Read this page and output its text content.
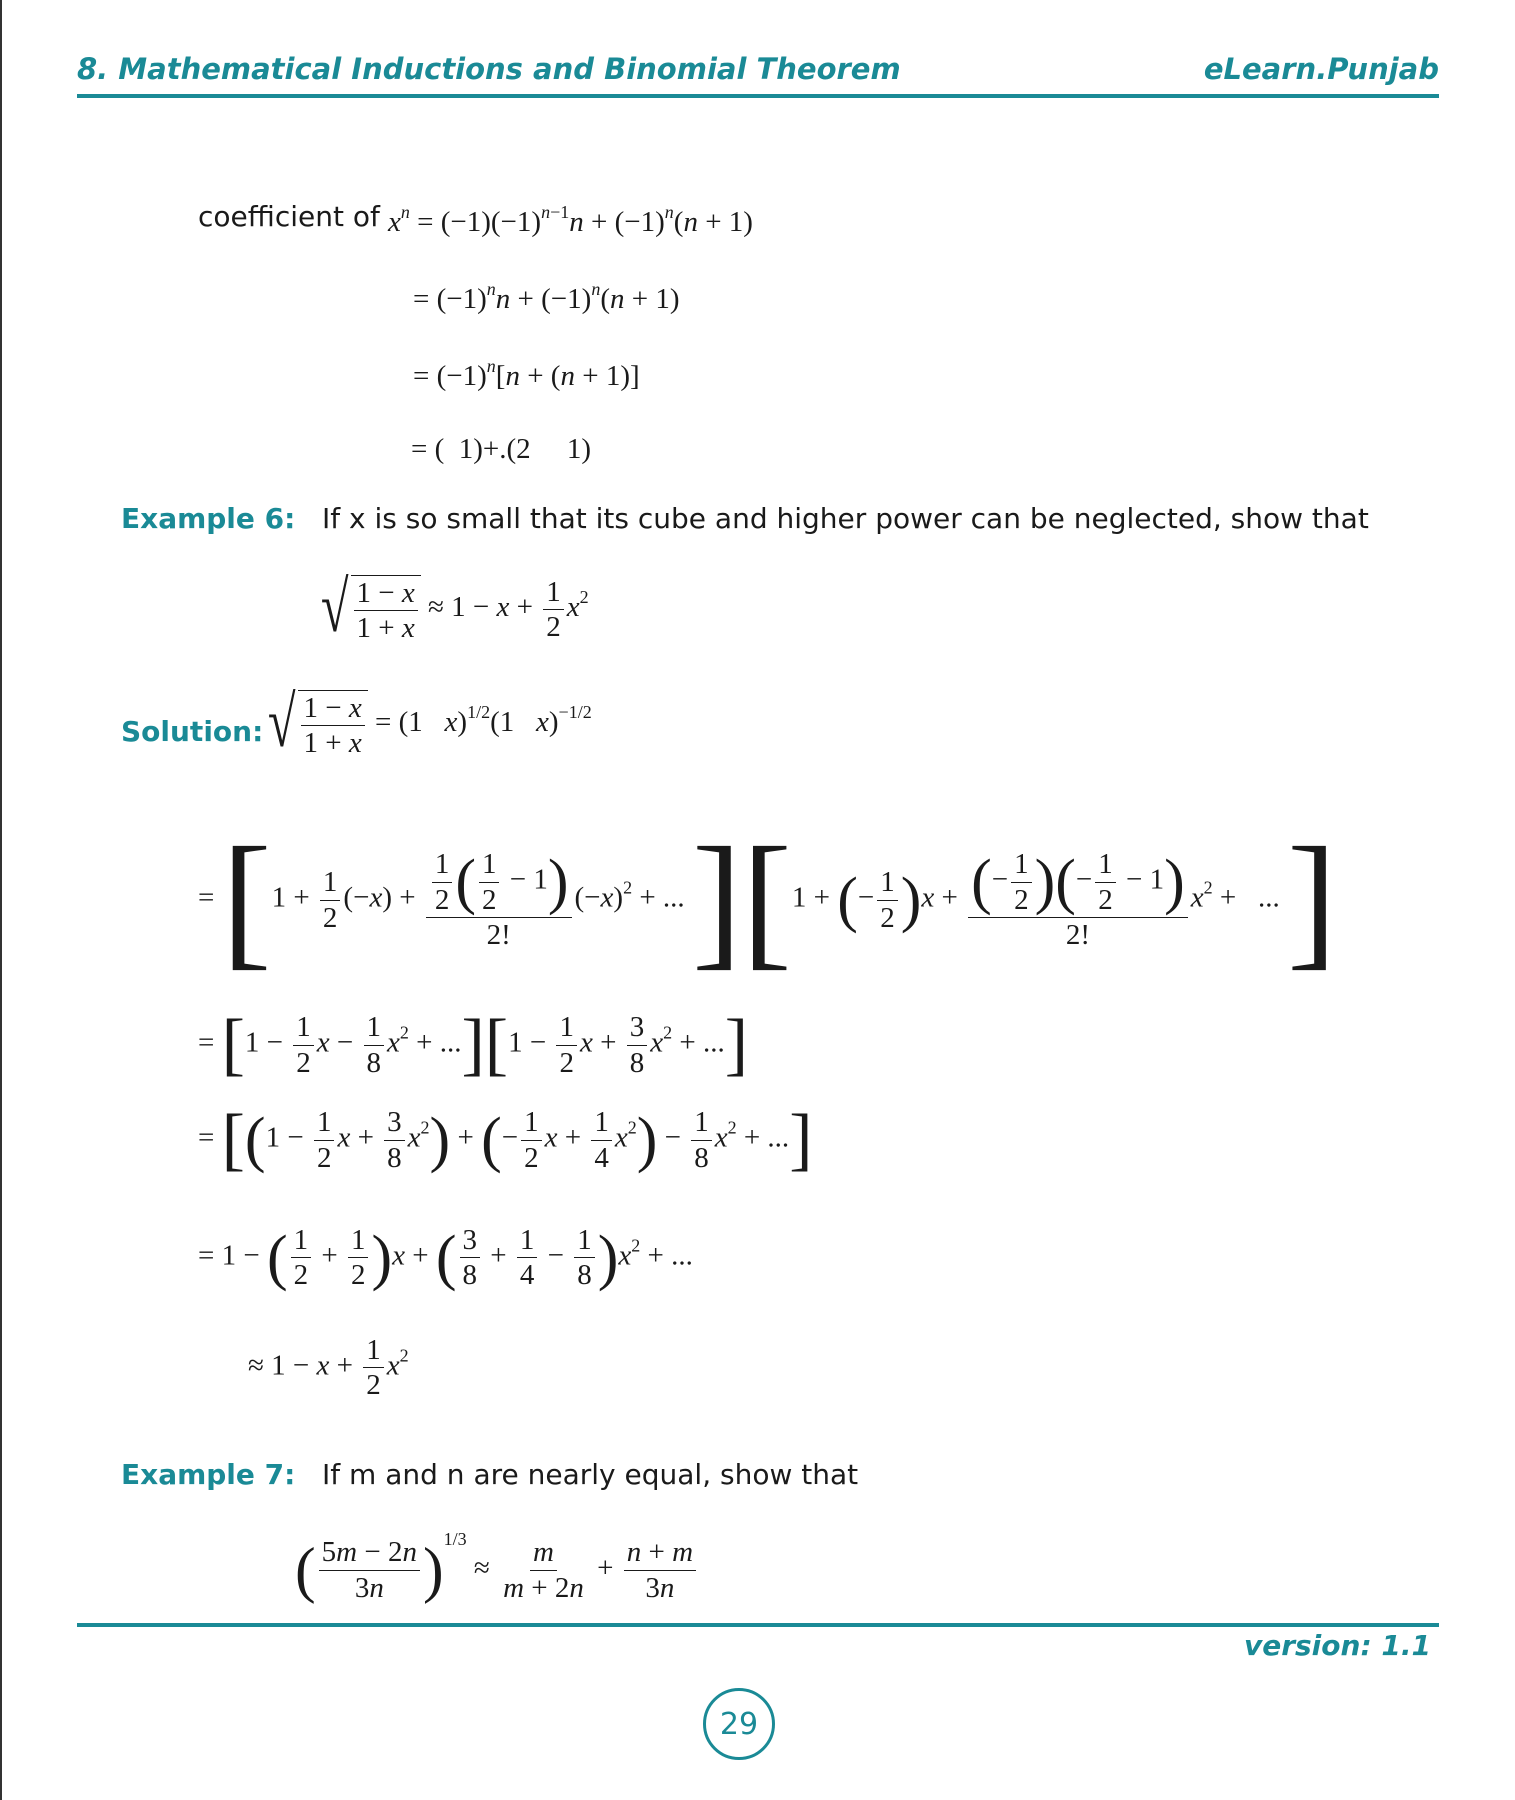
8. Mathematical Inductions and Binomial Theorem	eLearn.Punjab
coefficient of $x^n = (-1)(-1)^{n-1}n + (-1)^n(n + 1)$
= $(-1)^nn + (-1)^n(n + 1)$
= $(-1)^n[n + (n + 1)]$
= (  1)+.(2     1)
Example 6: If x is so small that its cube and higher power can be neglected, show that
√ $\frac{1 - x}{1 + x} \approx 1 - x + \frac{1}{2} x^2$
Solution: √ $\frac{1 - x}{1 + x} = (1$   x)$^{1/2}$(1   x)$^{-1/2}$
= [$1 + \frac{1}{2} (-x) + \frac{\frac{1}{2} ( \frac{1}{2} - 1)}{2!} (-x)^2$ + ... ][1 + (− $\frac{1}{2} )x + \frac{(- \frac{1}{2} )(- \frac{1}{2} - 1)}{2!} x^2$ +   ... ]
= [$1 - \frac{1}{2}$ $x - \frac{1}{8} x^2 + ...][1 - \frac{1}{2}$ $x + \frac{3}{8} x^2$ + ...]
= [($1 - \frac{1}{2}$ $x + \frac{3}{8} x^2$) + (− $\frac{1}{2}$ $x + \frac{1}{4} x^2) - \frac{1}{8} x^2$ + ...]
= 1 − ( $\frac{1}{2} + \frac{1}{2} )x$ + ( $\frac{3}{8} + \frac{1}{4} - \frac{1}{8} )x^2$ + ...
≈ $1 - x + \frac{1}{2} x^2$
Example 7: If m and n are nearly equal, show that
( $\frac{5m - 2n}{3n} )^{1/3} \approx \frac{m}{m + 2n} + \frac{n + m}{3n}$
version: 1.1
29
